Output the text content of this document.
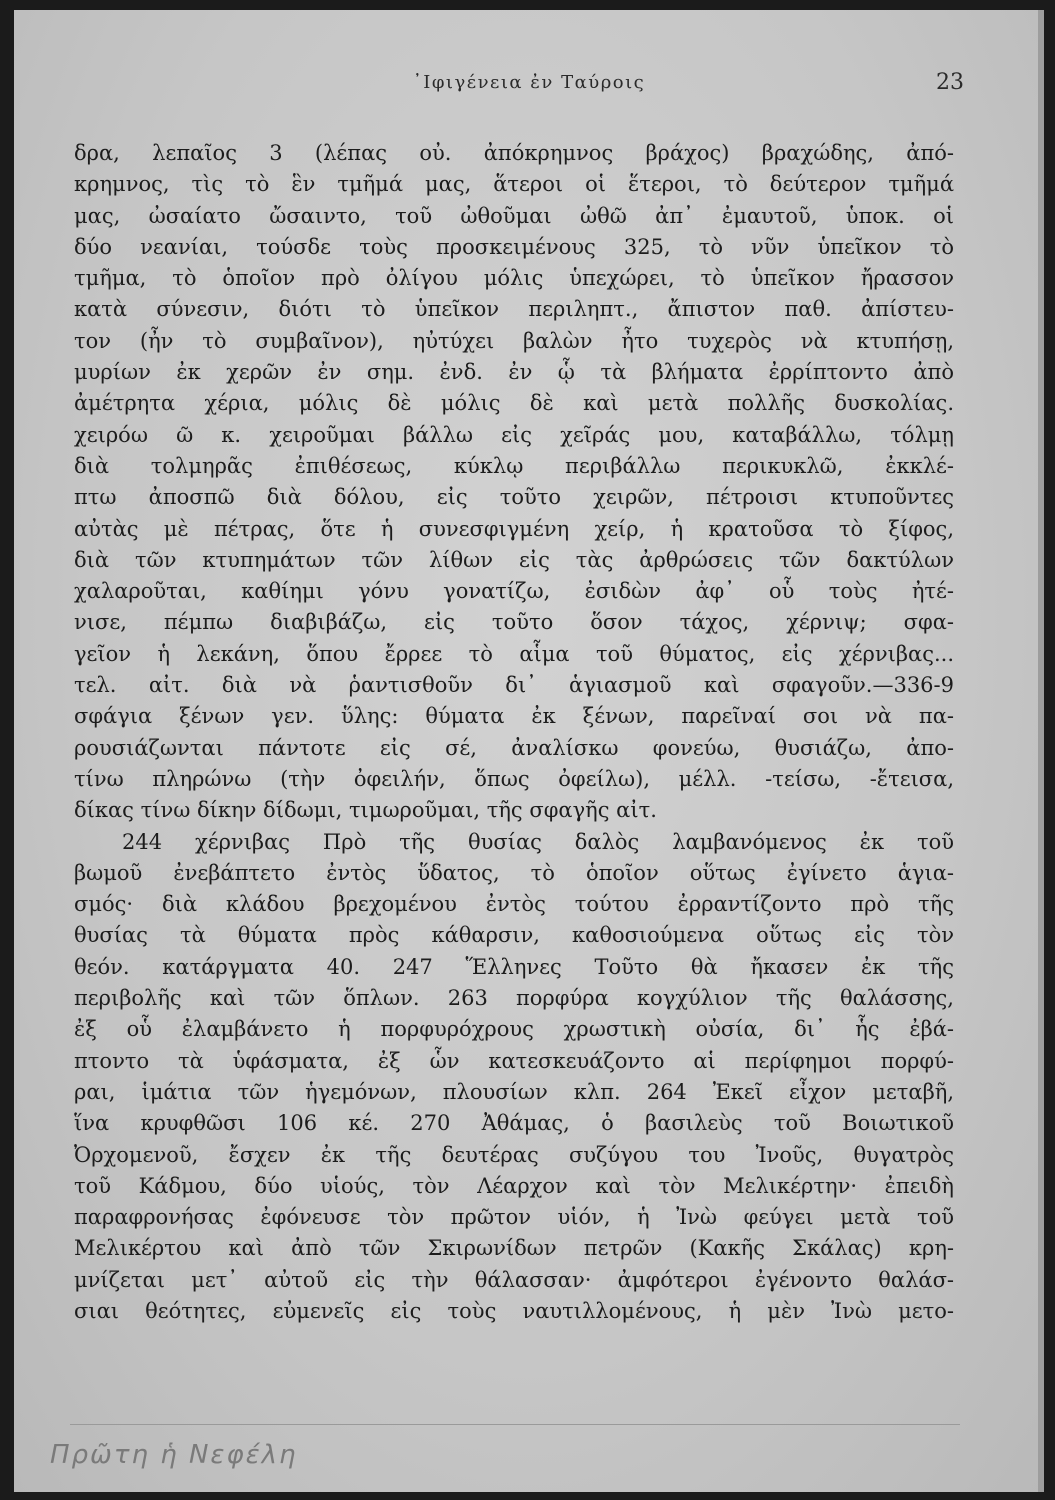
᾿Ιφιγένεια ἐν Ταύροις	23
δρα, λεπαῖος 3 (λέπας οὐ. ἀπόκρημνος βράχος) βραχώδης, ἀπό-
κρημνος, τὶς τὸ ἓν τμῆμά μας, ἅτεροι οἱ ἕτεροι, τὸ δεύτερον τμῆμά
μας, ὠσαίατο ὤσαιντο, τοῦ ὠθοῦμαι ὠθῶ ἀπ᾿ ἐμαυτοῦ, ὑποκ. οἱ
δύο νεανίαι, τούσδε τοὺς προσκειμένους 325, τὸ νῦν ὑπεῖκον τὸ
τμῆμα, τὸ ὁποῖον πρὸ ὀλίγου μόλις ὑπεχώρει, τὸ ὑπεῖκον ἤρασσον
κατὰ σύνεσιν, διότι τὸ ὑπεῖκον περιληπτ., ἄπιστον παθ. ἀπίστευ-
τον (ἦν τὸ συμβαῖνον), ηὐτύχει βαλὼν ἦτο τυχερὸς νὰ κτυπήσῃ,
μυρίων ἐκ χερῶν ἐν σημ. ἐνδ. ἐν ᾧ τὰ βλήματα ἐρρίπτοντο ἀπὸ
ἀμέτρητα χέρια, μόλις δὲ μόλις δὲ καὶ μετὰ πολλῆς δυσκολίας.
χειρόω ῶ κ. χειροῦμαι βάλλω εἰς χεῖράς μου, καταβάλλω, τόλμῃ
διὰ τολμηρᾶς ἐπιθέσεως, κύκλῳ περιβάλλω περικυκλῶ, ἐκκλέ-
πτω ἀποσπῶ διὰ δόλου, εἰς τοῦτο χειρῶν, πέτροισι κτυποῦντες
αὐτὰς μὲ πέτρας, ὅτε ἡ συνεσφιγμένη χείρ, ἡ κρατοῦσα τὸ ξίφος,
διὰ τῶν κτυπημάτων τῶν λίθων εἰς τὰς ἀρθρώσεις τῶν δακτύλων
χαλαροῦται, καθίημι γόνυ γονατίζω, ἐσιδὼν ἀφ᾿ οὗ τοὺς ἠτέ-
νισε, πέμπω διαβιβάζω, εἰς τοῦτο ὅσον τάχος, χέρνιψ; σφα-
γεῖον ἡ λεκάνη, ὅπου ἔρρεε τὸ αἷμα τοῦ θύματος, εἰς χέρνιβας...
τελ. αἰτ. διὰ νὰ ῥαντισθοῦν δι᾿ ἁγιασμοῦ καὶ σφαγοῦν.—336-9
σφάγια ξένων γεν. ὕλης: θύματα ἐκ ξένων, παρεῖναί σοι νὰ πα-
ρουσιάζωνται πάντοτε εἰς σέ, ἀναλίσκω φονεύω, θυσιάζω, ἀπο-
τίνω πληρώνω (τὴν ὀφειλήν, ὅπως ὀφείλω), μέλλ. -τείσω, -ἔτεισα,
δίκας τίνω δίκην δίδωμι, τιμωροῦμαι, τῆς σφαγῆς αἰτ.
244 χέρνιβας Πρὸ τῆς θυσίας δαλὸς λαμβανόμενος ἐκ τοῦ
βωμοῦ ἐνεβάπτετο ἐντὸς ὕδατος, τὸ ὁποῖον οὕτως ἐγίνετο ἁγια-
σμός· διὰ κλάδου βρεχομένου ἐντὸς τούτου ἐρραντίζοντο πρὸ τῆς
θυσίας τὰ θύματα πρὸς κάθαρσιν, καθοσιούμενα οὕτως εἰς τὸν
θεόν. κατάργματα 40. 247 Ἕλληνες Τοῦτο θὰ ἤκασεν ἐκ τῆς
περιβολῆς καὶ τῶν ὅπλων. 263 πορφύρα κογχύλιον τῆς θαλάσσης,
ἐξ οὗ ἐλαμβάνετο ἡ πορφυρόχρους χρωστικὴ οὐσία, δι᾿ ἧς ἐβά-
πτοντο τὰ ὑφάσματα, ἐξ ὧν κατεσκευάζοντο αἱ περίφημοι πορφύ-
ραι, ἱμάτια τῶν ἡγεμόνων, πλουσίων κλπ. 264 Ἐκεῖ εἶχον μεταβῆ,
ἵνα κρυφθῶσι 106 κέ. 270 Ἀθάμας, ὁ βασιλεὺς τοῦ Βοιωτικοῦ
Ὀρχομενοῦ, ἔσχεν ἐκ τῆς δευτέρας συζύγου του Ἰνοῦς, θυγατρὸς
τοῦ Κάδμου, δύο υἱούς, τὸν Λέαρχον καὶ τὸν Μελικέρτην· ἐπειδὴ
παραφρονήσας ἐφόνευσε τὸν πρῶτον υἱόν, ἡ Ἰνὼ φεύγει μετὰ τοῦ
Μελικέρτου καὶ ἀπὸ τῶν Σκιρωνίδων πετρῶν (Κακῆς Σκάλας) κρη-
μνίζεται μετ᾿ αὐτοῦ εἰς τὴν θάλασσαν· ἀμφότεροι ἐγένοντο θαλάσ-
σιαι θεότητες, εὐμενεῖς εἰς τοὺς ναυτιλλομένους, ἡ μὲν Ἰνὼ μετο-
Πρῶτη ἡ Νεφέλη
